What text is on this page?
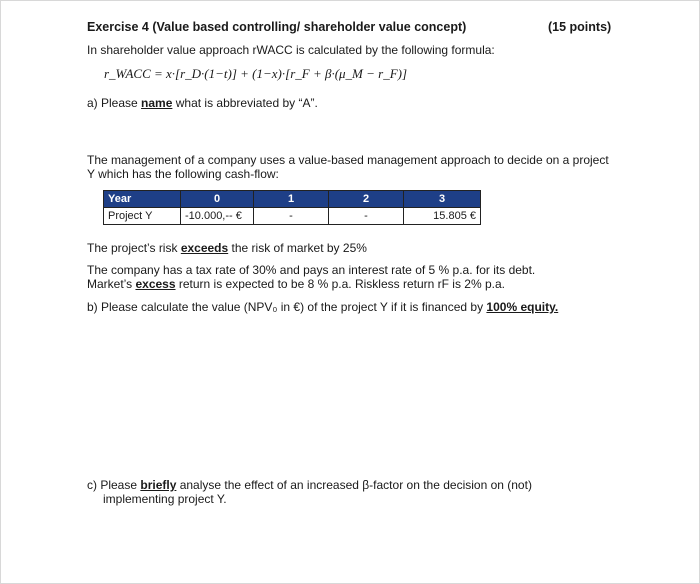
Exercise 4 (Value based controlling/ shareholder value concept)	(15 points)
In shareholder value approach rWACC is calculated by the following formula:
r_WACC = x·[r_D·(1−t)] + (1−x)·[r_F + β·(μ_M − r_F)]
a) Please name what is abbreviated by “A”.
The management of a company uses a value-based management approach to decide on a project Y which has the following cash-flow:
Year	0	1	2	3
Project Y	-10.000,-- €	-	-	15.805 €
The project’s risk exceeds the risk of market by 25%
The company has a tax rate of 30% and pays an interest rate of 5 % p.a. for its debt.
Market’s excess return is expected to be 8 % p.a. Riskless return rF is 2% p.a.
b) Please calculate the value (NPV₀ in €) of the project Y if it is financed by 100% equity.
c) Please briefly analyse the effect of an increased β-factor on the decision on (not)
implementing project Y.
